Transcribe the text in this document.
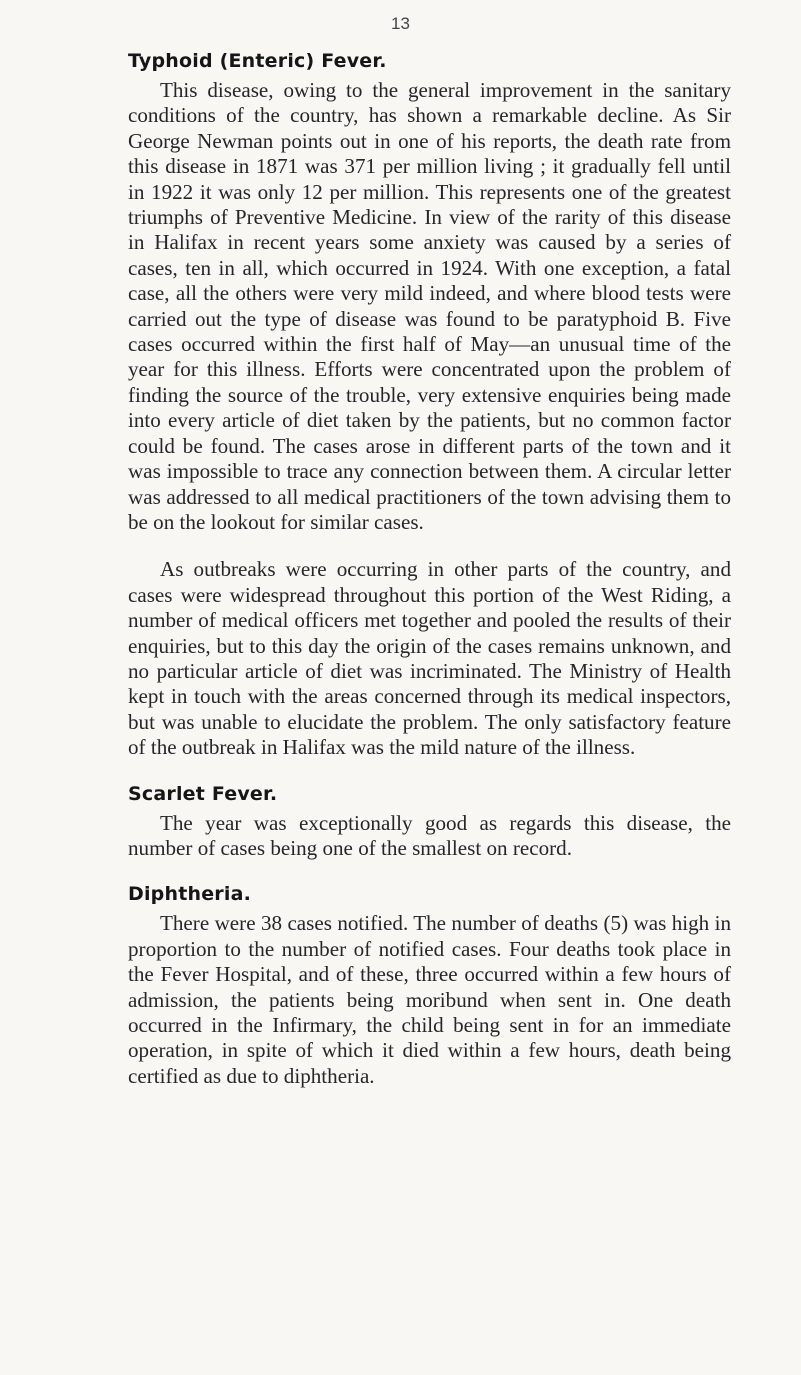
13
Typhoid (Enteric) Fever.

This disease, owing to the general improvement in the sanitary conditions of the country, has shown a remarkable decline. As Sir George Newman points out in one of his reports, the death rate from this disease in 1871 was 371 per million living ; it gradually fell until in 1922 it was only 12 per million. This represents one of the greatest triumphs of Preventive Medicine. In view of the rarity of this disease in Halifax in recent years some anxiety was caused by a series of cases, ten in all, which occurred in 1924. With one exception, a fatal case, all the others were very mild indeed, and where blood tests were carried out the type of disease was found to be paratyphoid B. Five cases occurred within the first half of May—an unusual time of the year for this illness. Efforts were concentrated upon the problem of finding the source of the trouble, very extensive enquiries being made into every article of diet taken by the patients, but no common factor could be found. The cases arose in different parts of the town and it was impossible to trace any connection between them. A circular letter was addressed to all medical practitioners of the town advising them to be on the lookout for similar cases.

As outbreaks were occurring in other parts of the country, and cases were widespread throughout this portion of the West Riding, a number of medical officers met together and pooled the results of their enquiries, but to this day the origin of the cases remains unknown, and no particular article of diet was incriminated. The Ministry of Health kept in touch with the areas concerned through its medical inspectors, but was unable to elucidate the problem. The only satisfactory feature of the outbreak in Halifax was the mild nature of the illness.

Scarlet Fever.

The year was exceptionally good as regards this disease, the number of cases being one of the smallest on record.

Diphtheria.

There were 38 cases notified. The number of deaths (5) was high in proportion to the number of notified cases. Four deaths took place in the Fever Hospital, and of these, three occurred within a few hours of admission, the patients being moribund when sent in. One death occurred in the Infirmary, the child being sent in for an immediate operation, in spite of which it died within a few hours, death being certified as due to diphtheria.
